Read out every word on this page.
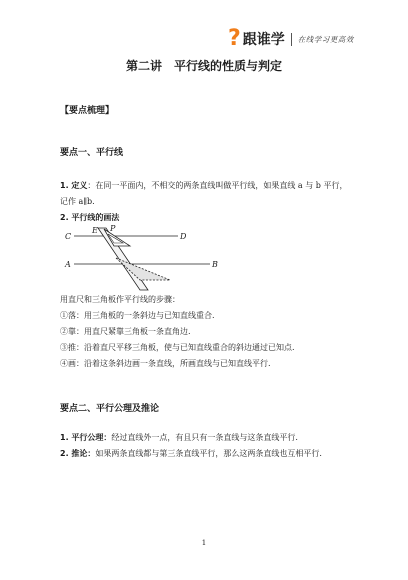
? 跟谁学 在线学习更高效
第二讲　平行线的性质与判定
【要点梳理】
要点一、平行线
1. 定义：在同一平面内，不相交的两条直线叫做平行线，如果直线 a 与 b 平行，
记作 a∥b.
2. 平行线的画法
C	D
A	B
E P
用直尺和三角板作平行线的步骤：
①落：用三角板的一条斜边与已知直线重合.
②靠：用直尺紧靠三角板一条直角边.
③推：沿着直尺平移三角板，使与已知直线重合的斜边通过已知点.
④画：沿着这条斜边画一条直线，所画直线与已知直线平行.
要点二、平行公理及推论
1. 平行公理：经过直线外一点，有且只有一条直线与这条直线平行.
2. 推论：如果两条直线都与第三条直线平行，那么这两条直线也互相平行.
1
